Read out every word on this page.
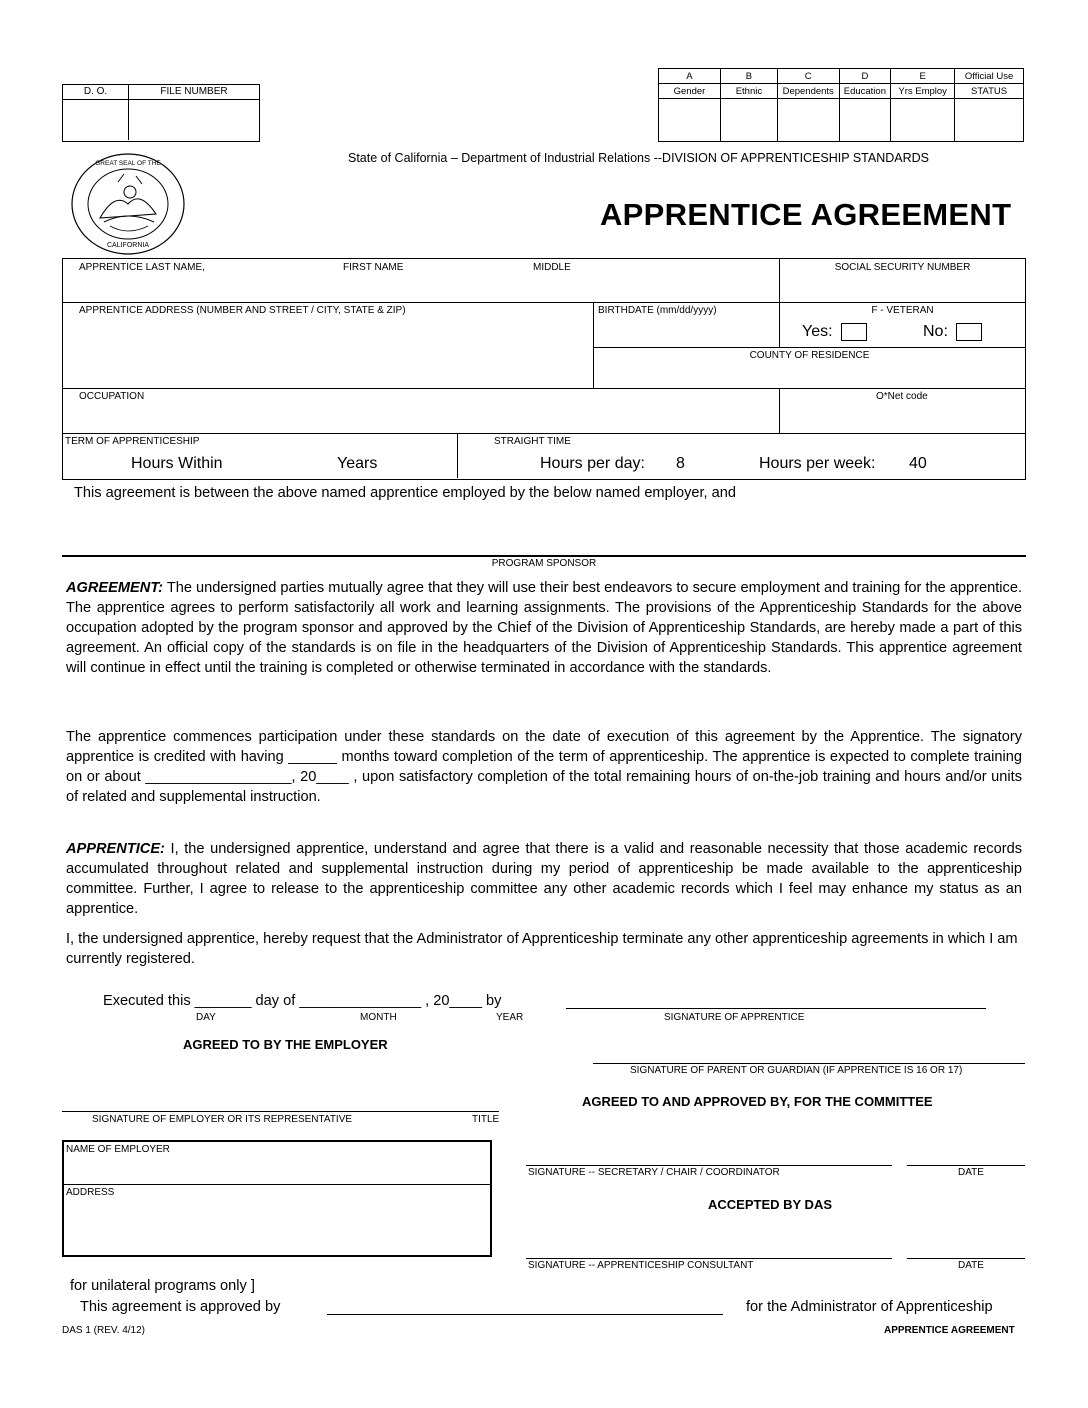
D. O.	FILE NUMBER
A	B	C	D	E	Official Use
Gender	Ethnic	Dependents	Education	Yrs Employ	STATUS

CALIFORNIA
GREAT SEAL OF THE	State of California – Department of Industrial Relations --DIVISION OF APPRENTICESHIP STANDARDS
APPRENTICE AGREEMENT
APPRENTICE LAST NAME,	FIRST NAME	MIDDLE	SOCIAL SECURITY NUMBER
APPRENTICE ADDRESS (NUMBER AND STREET / CITY, STATE & ZIP)	BIRTHDATE (mm/dd/yyyy)	F - VETERAN
Yes:	No:
COUNTY OF RESIDENCE
OCCUPATION	O*Net code
TERM OF APPRENTICESHIP
Hours Within	Years
STRAIGHT TIME
Hours per day: 8	Hours per week: 40
This agreement is between the above named apprentice employed by the below named employer, and
PROGRAM SPONSOR
AGREEMENT: The undersigned parties mutually agree that they will use their best endeavors to secure employment and training for the apprentice. The apprentice agrees to perform satisfactorily all work and learning assignments. The provisions of the Apprenticeship Standards for the above occupation adopted by the program sponsor and approved by the Chief of the Division of Apprenticeship Standards, are hereby made a part of this agreement. An official copy of the standards is on file in the headquarters of the Division of Apprenticeship Standards. This apprentice agreement will continue in effect until the training is completed or otherwise terminated in accordance with the standards.
The apprentice commences participation under these standards on the date of execution of this agreement by the Apprentice. The signatory apprentice is credited with having ______ months toward completion of the term of apprenticeship. The apprentice is expected to complete training on or about __________________, 20____ , upon satisfactory completion of the total remaining hours of on-the-job training and hours and/or units of related and supplemental instruction.
APPRENTICE: I, the undersigned apprentice, understand and agree that there is a valid and reasonable necessity that those academic records accumulated throughout related and supplemental instruction during my period of apprenticeship be made available to the apprenticeship committee. Further, I agree to release to the apprenticeship committee any other academic records which I feel may enhance my status as an apprentice.
I, the undersigned apprentice, hereby request that the Administrator of Apprenticeship terminate any other apprenticeship agreements in which I am currently registered.
Executed this _______ day of _______________ , 20____ by
DAY	MONTH	YEAR	SIGNATURE OF APPRENTICE
AGREED TO BY THE EMPLOYER
SIGNATURE OF PARENT OR GUARDIAN (IF APPRENTICE IS 16 OR 17)
AGREED TO AND APPROVED BY, FOR THE COMMITTEE
SIGNATURE OF EMPLOYER OR ITS REPRESENTATIVE	TITLE
NAME OF EMPLOYER
ADDRESS
SIGNATURE -- SECRETARY / CHAIR / COORDINATOR	DATE
ACCEPTED BY DAS
SIGNATURE -- APPRENTICESHIP CONSULTANT	DATE
for unilateral programs only ]
This agreement is approved by	for the Administrator of Apprenticeship
DAS 1 (REV. 4/12)	APPRENTICE AGREEMENT
